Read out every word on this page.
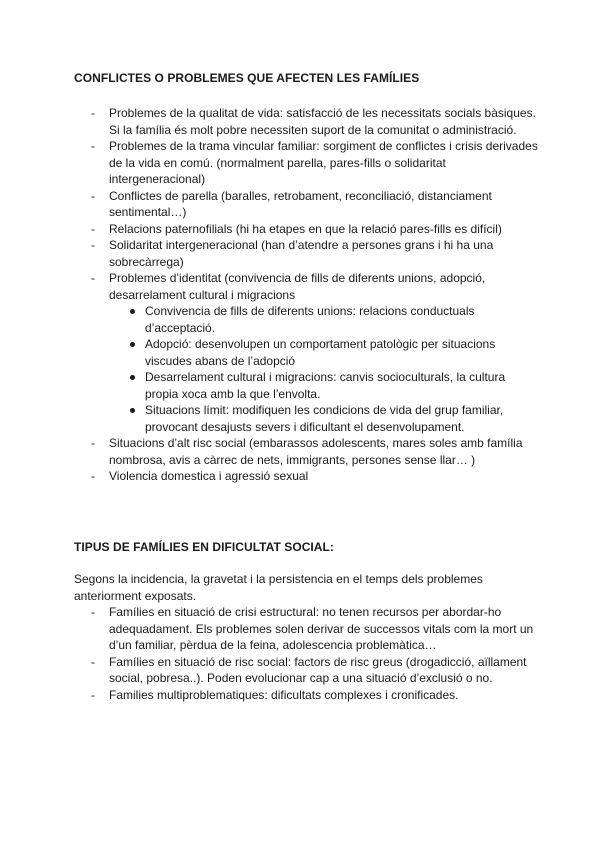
CONFLICTES O PROBLEMES QUE AFECTEN LES FAMÍLIES
- Problemes de la qualitat de vida: satisfacció de les necessitats socials bàsiques. Si la família és molt pobre necessiten suport de la comunitat o administració.
- Problemes de la trama vincular familiar: sorgiment de conflictes i crisis derivades de la vida en comú. (normalment parella, pares-fills o solidaritat intergeneracional)
- Conflictes de parella (baralles, retrobament, reconciliació, distanciament sentimental…)
- Relacions paternofilials (hi ha etapes en que la relació pares-fills es difícil)
- Solidaritat intergeneracional (han d’atendre a persones grans i hi ha una sobrecàrrega)
- Problemes d’identitat (convivencia de fills de diferents unions, adopció, desarrelament cultural i migracions
Convivencia de fills de diferents unions: relacions conductuals d’acceptació.
Adopció: desenvolupen un comportament patològic per situacions viscudes abans de l’adopció
Desarrelament cultural i migracions: canvis socioculturals, la cultura propia xoca amb la que l’envolta.
Situacions límit: modifiquen les condicions de vida del grup familiar, provocant desajusts severs i dificultant el desenvolupament.
- Situacions d’alt risc social (embarassos adolescents, mares soles amb família nombrosa, avis a càrrec de nets, immigrants, persones sense llar… )
- Violencia domestica i agressió sexual
TIPUS DE FAMÍLIES EN DIFICULTAT SOCIAL:
Segons la incidencia, la gravetat i la persistencia en el temps dels problemes anteriorment exposats.
- Famílies en situació de crisi estructural: no tenen recursos per abordar-ho adequadament. Els problemes solen derivar de successos vitals com la mort un d’un familiar, pèrdua de la feina, adolescencia problemàtica…
- Famílies en situació de risc social: factors de risc greus (drogadicció, aïllament social, pobresa..). Poden evolucionar cap a una situació d’exclusió o no.
- Families multiproblematiques: dificultats complexes i cronificades.
